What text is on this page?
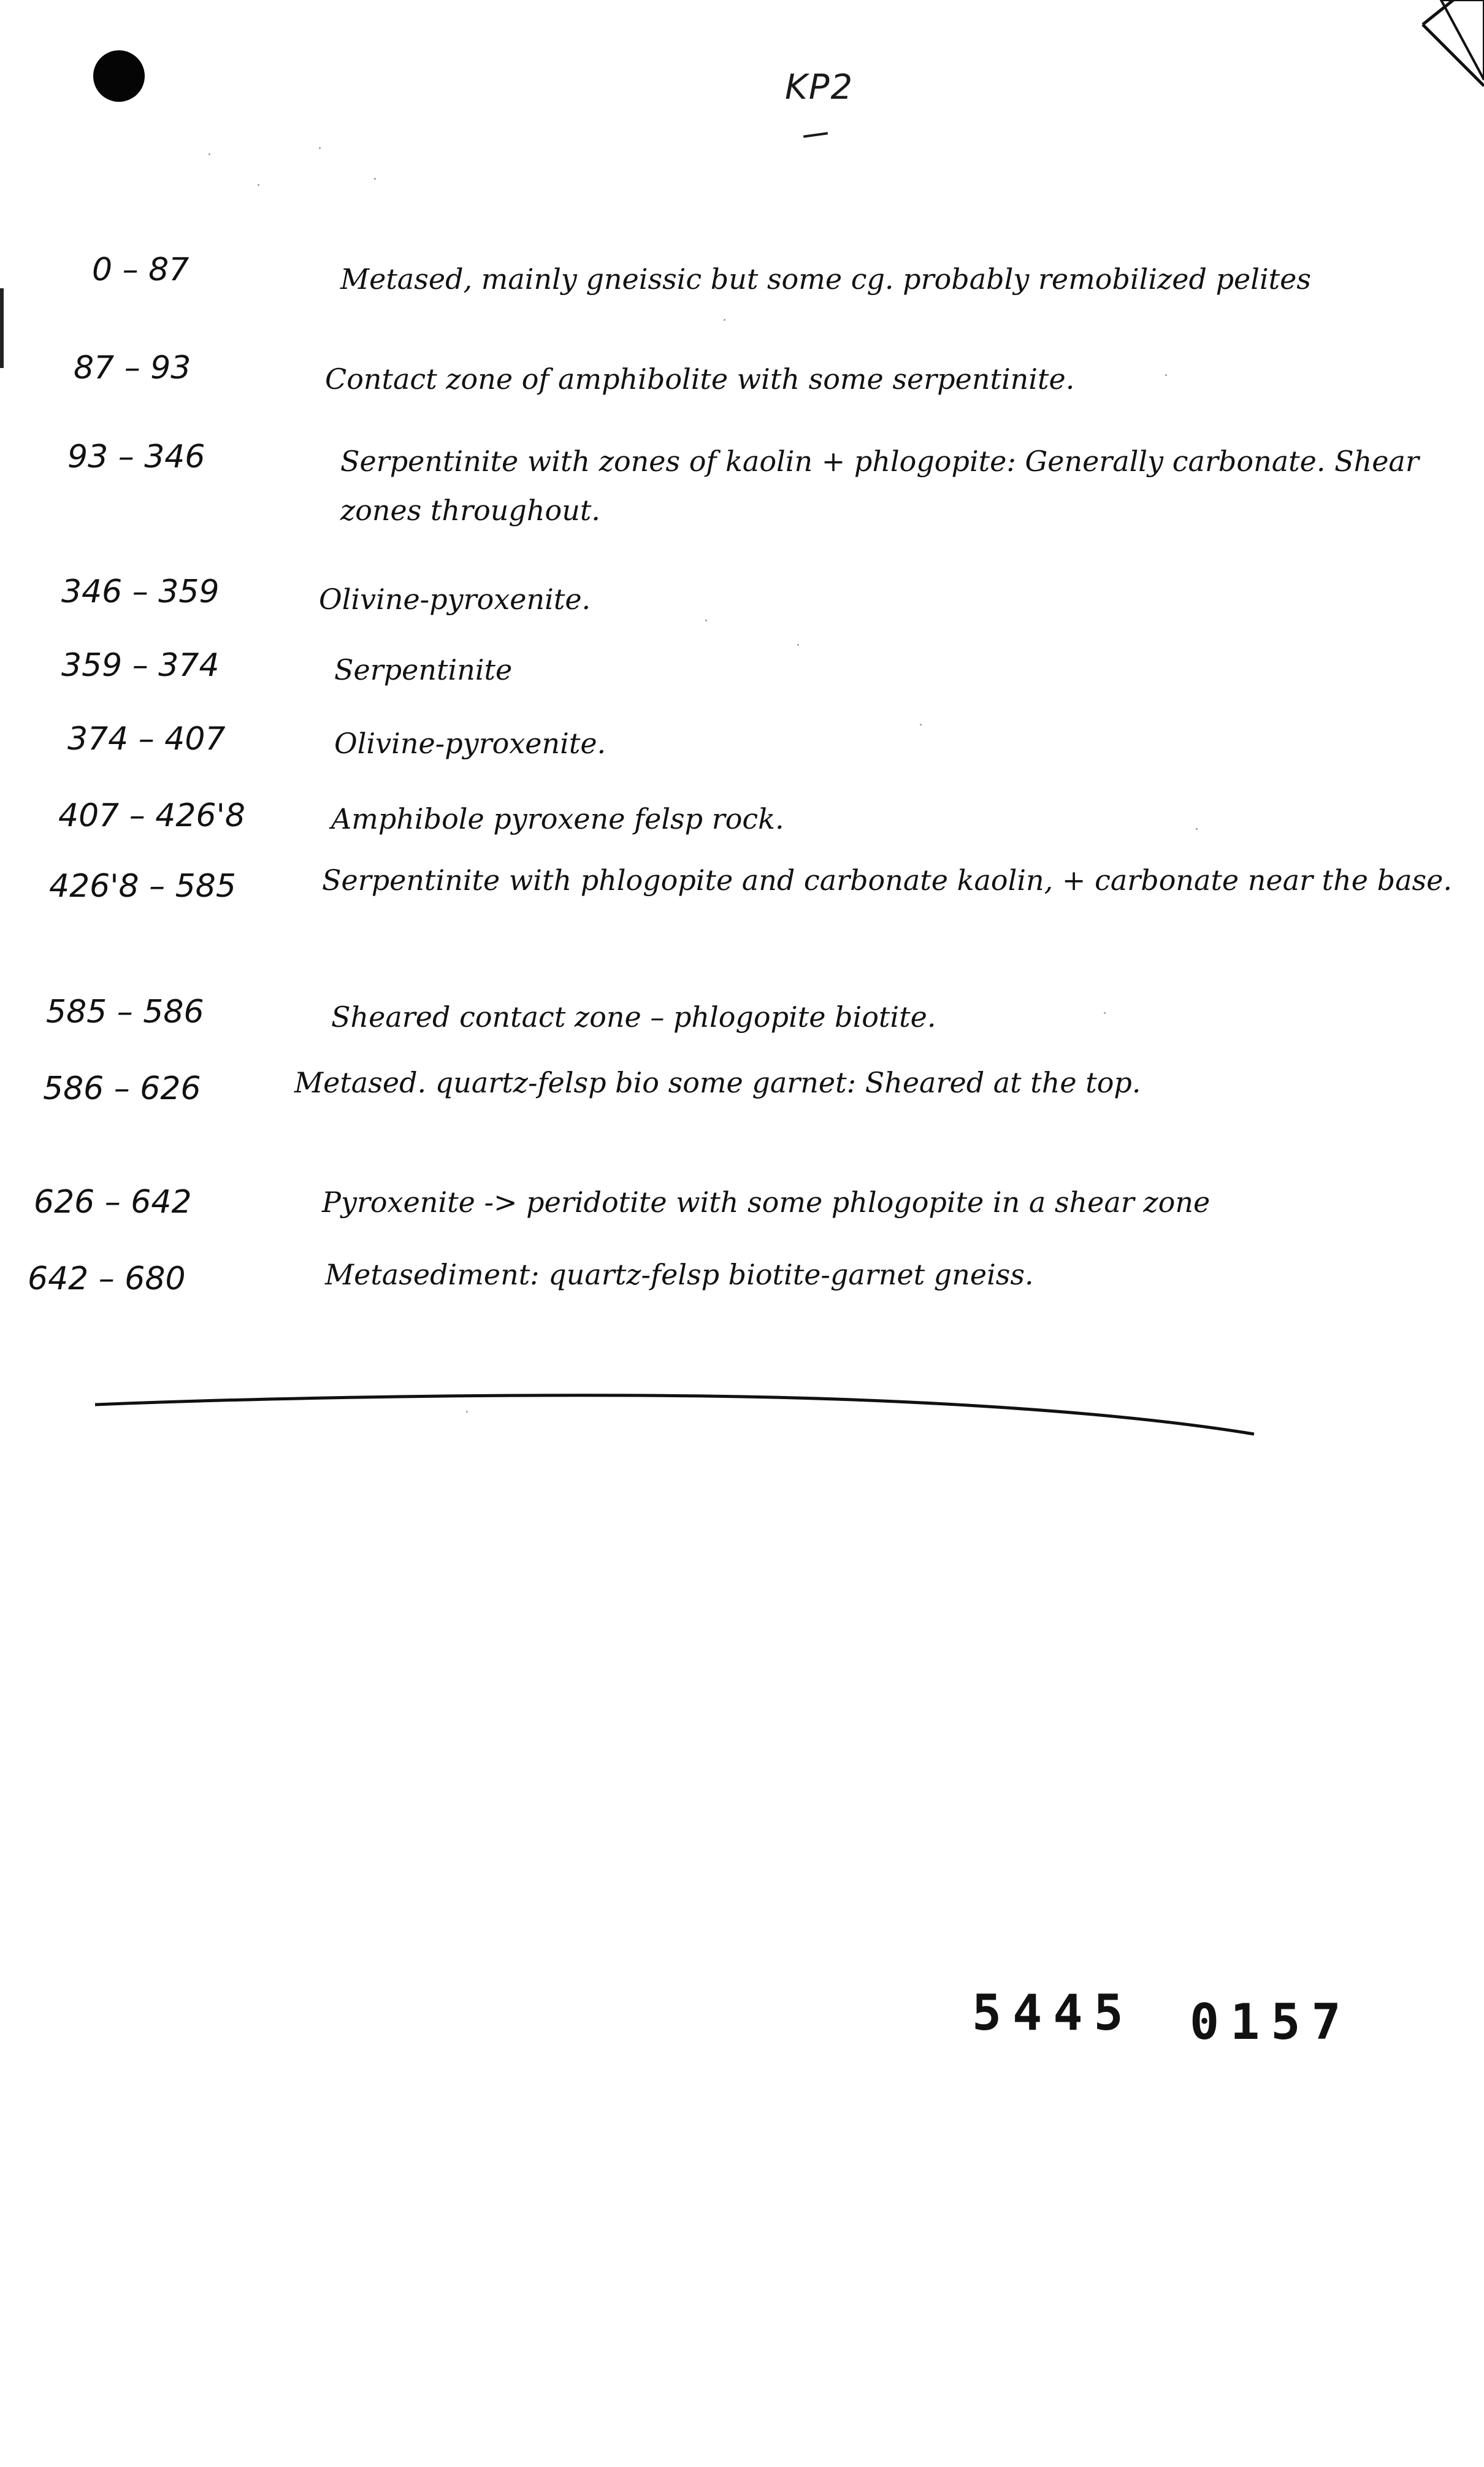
KP2
0 – 87	Metased, mainly gneissic but some cg. probably remobilized pelites
87 – 93	Contact zone of amphibolite with some serpentinite.
93 – 346	Serpentinite with zones of kaolin + phlogopite: Generally carbonate. Shear zones throughout.
346 – 359	Olivine-pyroxenite.
359 – 374	Serpentinite
374 – 407	Olivine-pyroxenite.
407 – 426'8	Amphibole pyroxene felsp rock.
426'8 – 585	Serpentinite with phlogopite and carbonate kaolin, + carbonate near the base.
585 – 586	Sheared contact zone – phlogopite biotite.
586 – 626	Metased. quartz-felsp bio some garnet: Sheared at the top.
626 – 642	Pyroxenite -> peridotite with some phlogopite in a shear zone
642 – 680	Metasediment: quartz-felsp biotite-garnet gneiss.
5445 0157
